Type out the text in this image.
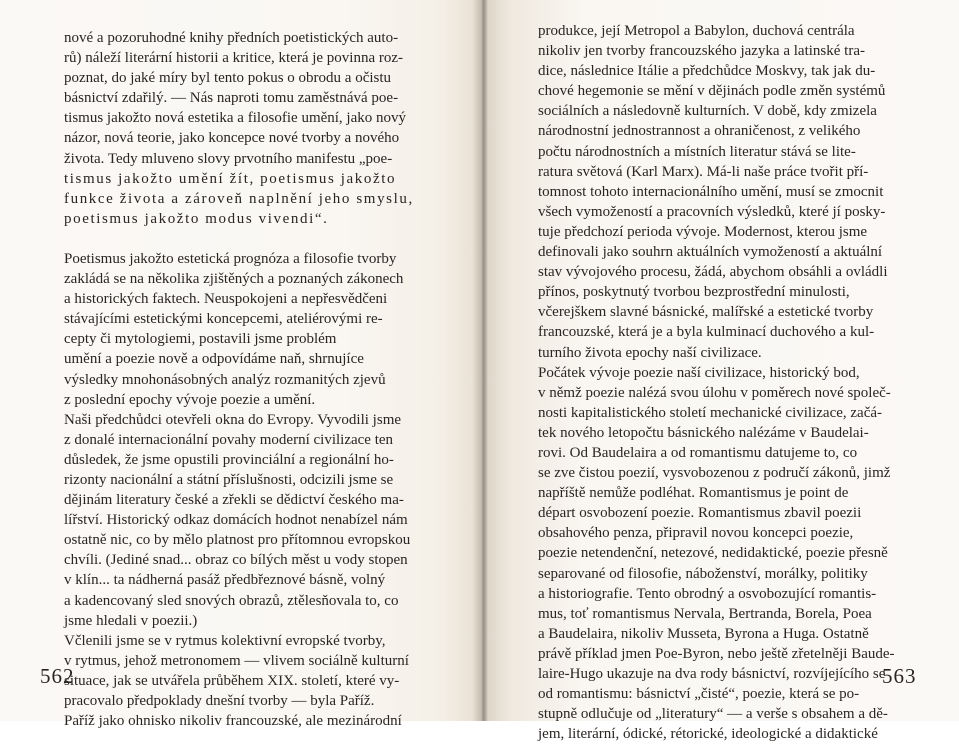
nové a pozoruhodné knihy předních poetistických auto-
rů) náleží literární historii a kritice, která je povinna roz-
poznat, do jaké míry byl tento pokus o obrodu a očistu
básnictví zdařilý. — Nás naproti tomu zaměstnává poe-
tismus jakožto nová estetika a filosofie umění, jako nový
názor, nová teorie, jako koncepce nové tvorby a nového
života. Tedy mluveno slovy prvotního manifestu „poe-
tismus jakožto umění žít, poetismus jakožto
funkce života a zároveň naplnění jeho smyslu,
poetismus jakožto modus vivendi“.
Poetismus jakožto estetická prognóza a filosofie tvorby
zakládá se na několika zjištěných a poznaných zákonech
a historických faktech. Neuspokojeni a nepřesvědčeni
stávajícími estetickými koncepcemi, ateliérovými re-
cepty či mytologiemi, postavili jsme problém
umění a poezie nově a odpovídáme naň, shrnujíce
výsledky mnohonásobných analýz rozmanitých zjevů
z poslední epochy vývoje poezie a umění.
Naši předchůdci otevřeli okna do Evropy. Vyvodili jsme
z donalé internacionální povahy moderní civilizace ten
důsledek, že jsme opustili provinciální a regionální ho-
rizonty nacionální a státní příslušnosti, odcizili jsme se
dějinám literatury české a zřekli se dědictví českého ma-
lířství. Historický odkaz domácích hodnot nenabízel nám
ostatně nic, co by mělo platnost pro přítomnou evropskou
chvíli. (Jediné snad... obraz co bílých měst u vody stopen
v klín... ta nádherná pasáž předbřeznové básně, volný
a kadencovaný sled snových obrazů, ztělesňovala to, co
jsme hledali v poezii.)
Včlenili jsme se v rytmus kolektivní evropské tvorby,
v rytmus, jehož metronomem — vlivem sociálně kulturní
situace, jak se utvářela průběhem XIX. století, které vy-
pracovalo předpoklady dnešní tvorby — byla Paříž.
Paříž jako ohnisko nikoliv francouzské, ale mezinárodní
562
produkce, její Metropol a Babylon, duchová centrála
nikoliv jen tvorby francouzského jazyka a latinské tra-
dice, následnice Itálie a předchůdce Moskvy, tak jak du-
chové hegemonie se mění v dějinách podle změn systémů
sociálních a následovně kulturních. V době, kdy zmizela
národnostní jednostrannost a ohraničenost, z velikého
počtu národnostních a místních literatur stává se lite-
ratura světová (Karl Marx). Má-li naše práce tvořit pří-
tomnost tohoto internacionálního umění, musí se zmocnit
všech vymožeností a pracovních výsledků, které jí posky-
tuje předchozí perioda vývoje. Modernost, kterou jsme
definovali jako souhrn aktuálních vymožeností a aktuální
stav vývojového procesu, žádá, abychom obsáhli a ovládli
přínos, poskytnutý tvorbou bezprostřední minulosti,
včerejškem slavné básnické, malířské a estetické tvorby
francouzské, která je a byla kulminací duchového a kul-
turního života epochy naší civilizace.
Počátek vývoje poezie naší civilizace, historický bod,
v němž poezie nalézá svou úlohu v poměrech nové společ-
nosti kapitalistického století mechanické civilizace, začá-
tek nového letopočtu básnického nalézáme v Baudelai-
rovi. Od Baudelaira a od romantismu datujeme to, co
se zve čistou poezií, vysvobozenou z područí zákonů, jimž
napříště nemůže podléhat. Romantismus je point de
départ osvobození poezie. Romantismus zbavil poezii
obsahového penza, připravil novou koncepci poezie,
poezie netendenční, netezové, nedidaktické, poezie přesně
separované od filosofie, náboženství, morálky, politiky
a historiografie. Tento obrodný a osvobozující romantis-
mus, toť romantismus Nervala, Bertranda, Borela, Poea
a Baudelaira, nikoliv Musseta, Byrona a Huga. Ostatně
právě příklad jmen Poe-Byron, nebo ještě zřetelněji Baude-
laire-Hugo ukazuje na dva rody básnictví, rozvíjejícího se
od romantismu: básnictví „čisté“, poezie, která se po-
stupně odlučuje od „literatury“ — a verše s obsahem a dě-
jem, literární, ódické, rétorické, ideologické a didaktické
563
